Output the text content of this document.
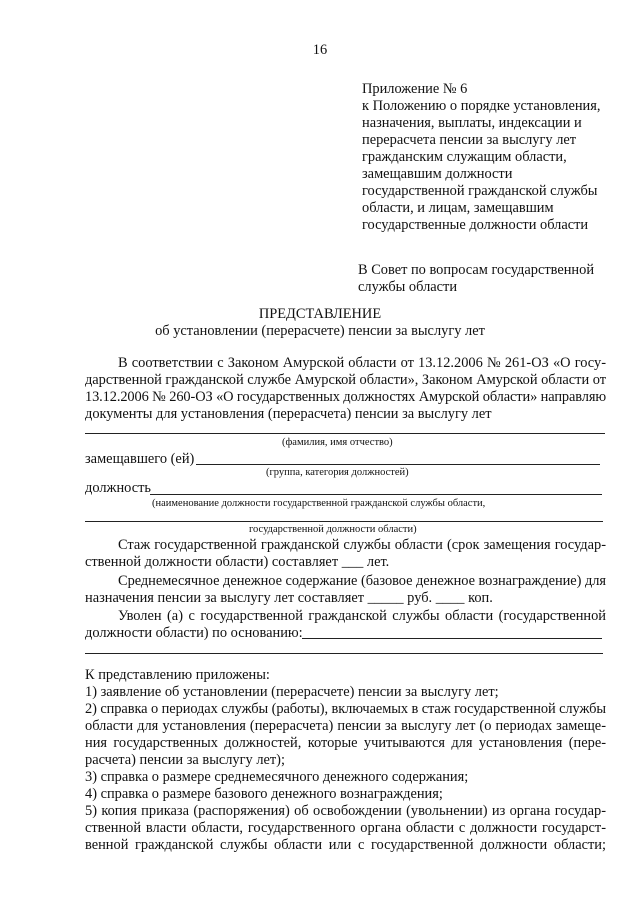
16
Приложение № 6
к Положению о порядке установления,
назначения, выплаты, индексации и
перерасчета пенсии за выслугу лет
гражданским служащим области,
замещавшим должности
государственной гражданской службы
области, и лицам, замещавшим
государственные должности области
В Совет по вопросам государственной
службы области
ПРЕДСТАВЛЕНИЕ
об установлении (перерасчете) пенсии за выслугу лет
В соответствии с Законом Амурской области от 13.12.2006 № 261-ОЗ «О госу-
дарственной гражданской службе Амурской области», Законом Амурской области от
13.12.2006 № 260-ОЗ «О государственных должностях Амурской области» направляю
документы для установления (перерасчета) пенсии за выслугу лет
(фамилия, имя отчество)
замещавшего (ей)
(группа, категория должностей)
должность
(наименование должности государственной гражданской службы области,
государственной должности области)
Стаж государственной гражданской службы области (срок замещения государ-
ственной должности области) составляет ___ лет.
Среднемесячное денежное содержание (базовое денежное вознаграждение) для
назначения пенсии за выслугу лет составляет _____ руб. ____ коп.
Уволен (а) с государственной гражданской службы области (государственной
должности области) по основанию:
К представлению приложены:
1) заявление об установлении (перерасчете) пенсии за выслугу лет;
2) справка о периодах службы (работы), включаемых в стаж государственной службы
области для установления (перерасчета) пенсии за выслугу лет (о периодах замеще-
ния государственных должностей, которые учитываются для установления (пере-
расчета) пенсии за выслугу лет);
3) справка о размере среднемесячного денежного содержания;
4) справка о размере базового денежного вознаграждения;
5) копия приказа (распоряжения) об освобождении (увольнении) из органа государ-
ственной власти области, государственного органа области с должности государст-
венной гражданской службы области или с государственной должности области;
